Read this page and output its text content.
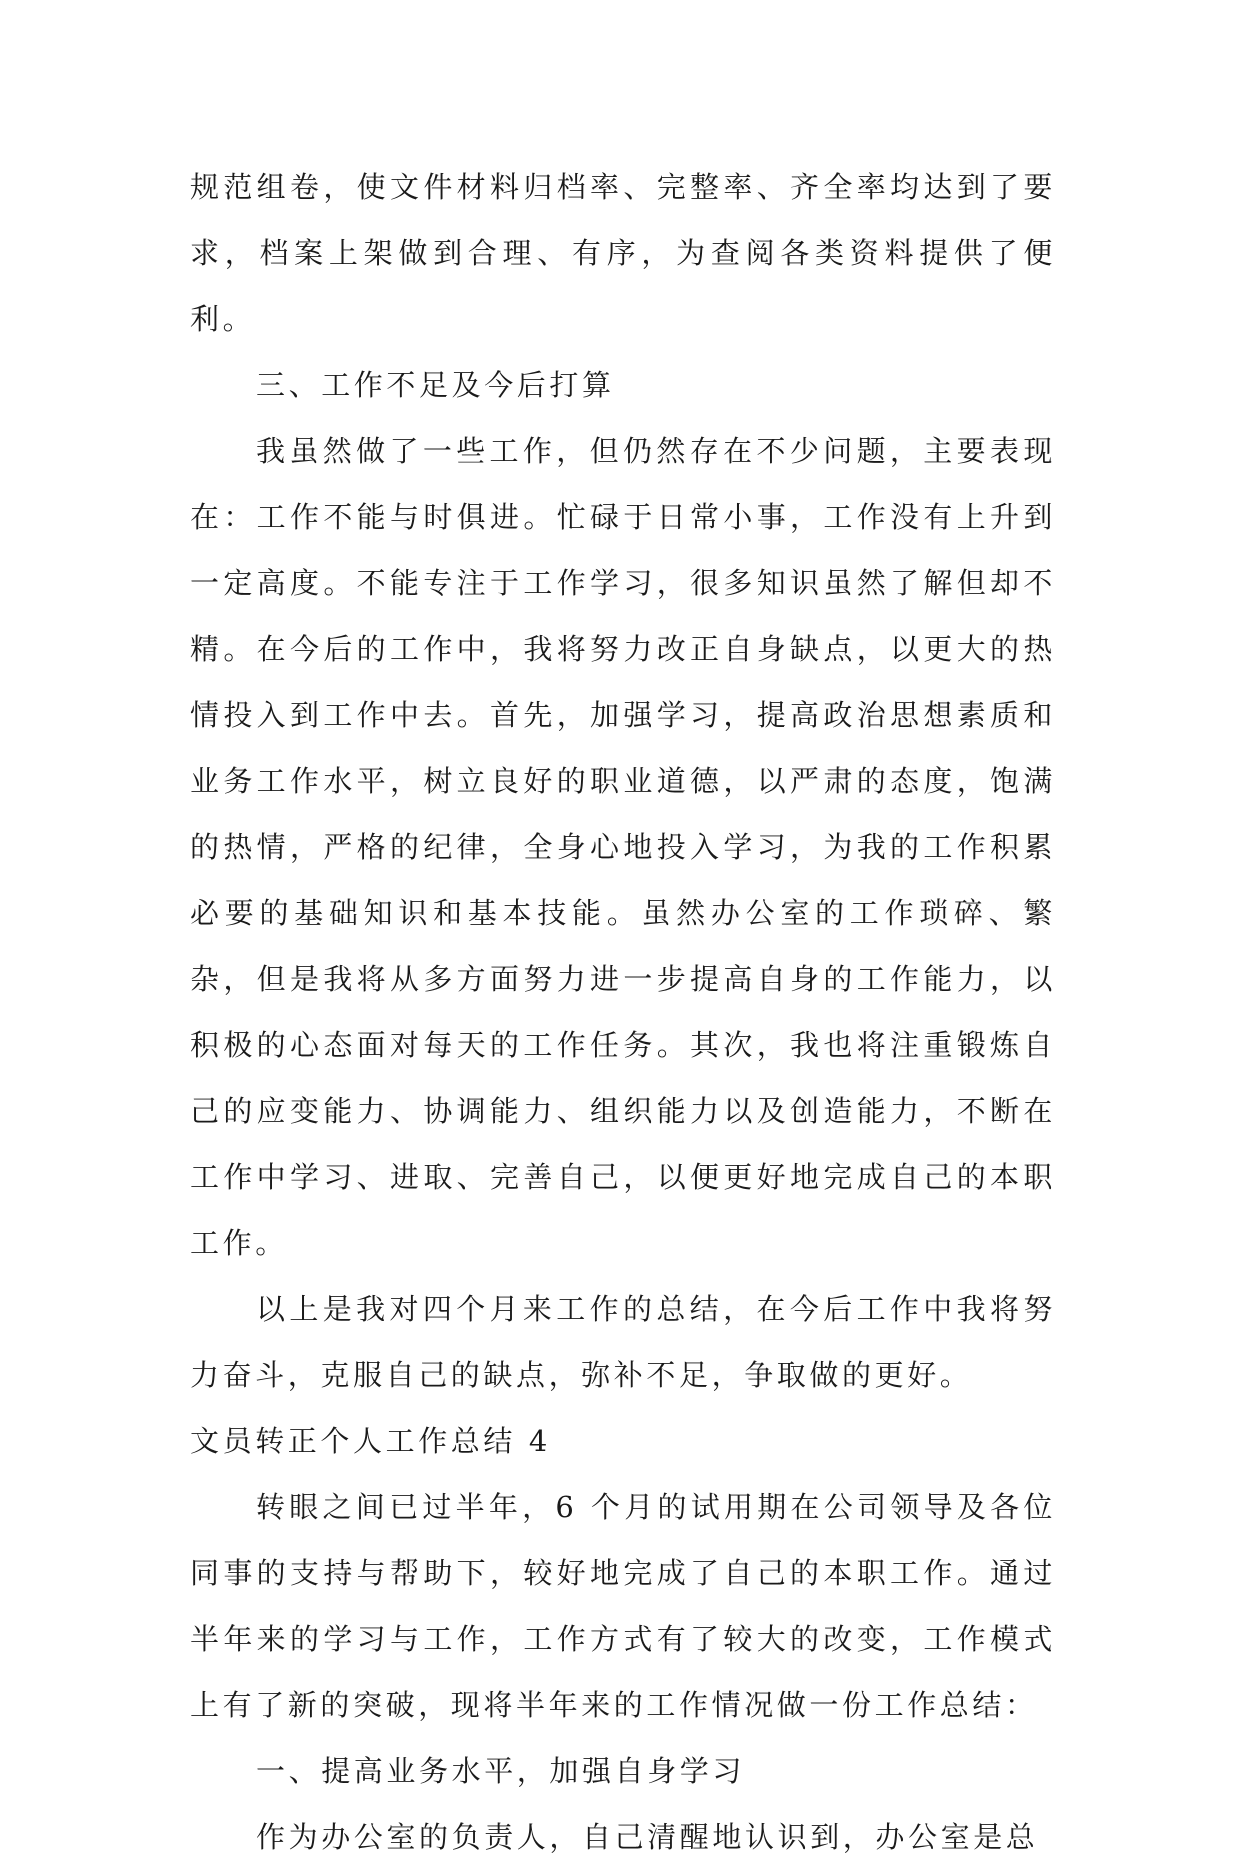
规范组卷，使文件材料归档率、完整率、齐全率均达到了要求，档案上架做到合理、有序，为查阅各类资料提供了便利。

三、工作不足及今后打算

我虽然做了一些工作，但仍然存在不少问题，主要表现在：工作不能与时俱进。忙碌于日常小事，工作没有上升到一定高度。不能专注于工作学习，很多知识虽然了解但却不精。在今后的工作中，我将努力改正自身缺点，以更大的热情投入到工作中去。首先，加强学习，提高政治思想素质和业务工作水平，树立良好的职业道德，以严肃的态度，饱满的热情，严格的纪律，全身心地投入学习，为我的工作积累必要的基础知识和基本技能。虽然办公室的工作琐碎、繁杂，但是我将从多方面努力进一步提高自身的工作能力，以积极的心态面对每天的工作任务。其次，我也将注重锻炼自己的应变能力、协调能力、组织能力以及创造能力，不断在工作中学习、进取、完善自己，以便更好地完成自己的本职工作。

以上是我对四个月来工作的总结，在今后工作中我将努力奋斗，克服自己的缺点，弥补不足，争取做的更好。

文员转正个人工作总结 4

转眼之间已过半年，6 个月的试用期在公司领导及各位同事的支持与帮助下，较好地完成了自己的本职工作。通过半年来的学习与工作，工作方式有了较大的改变，工作模式上有了新的突破，现将半年来的工作情况做一份工作总结：

一、提高业务水平，加强自身学习

作为办公室的负责人，自己清醒地认识到，办公室是总
